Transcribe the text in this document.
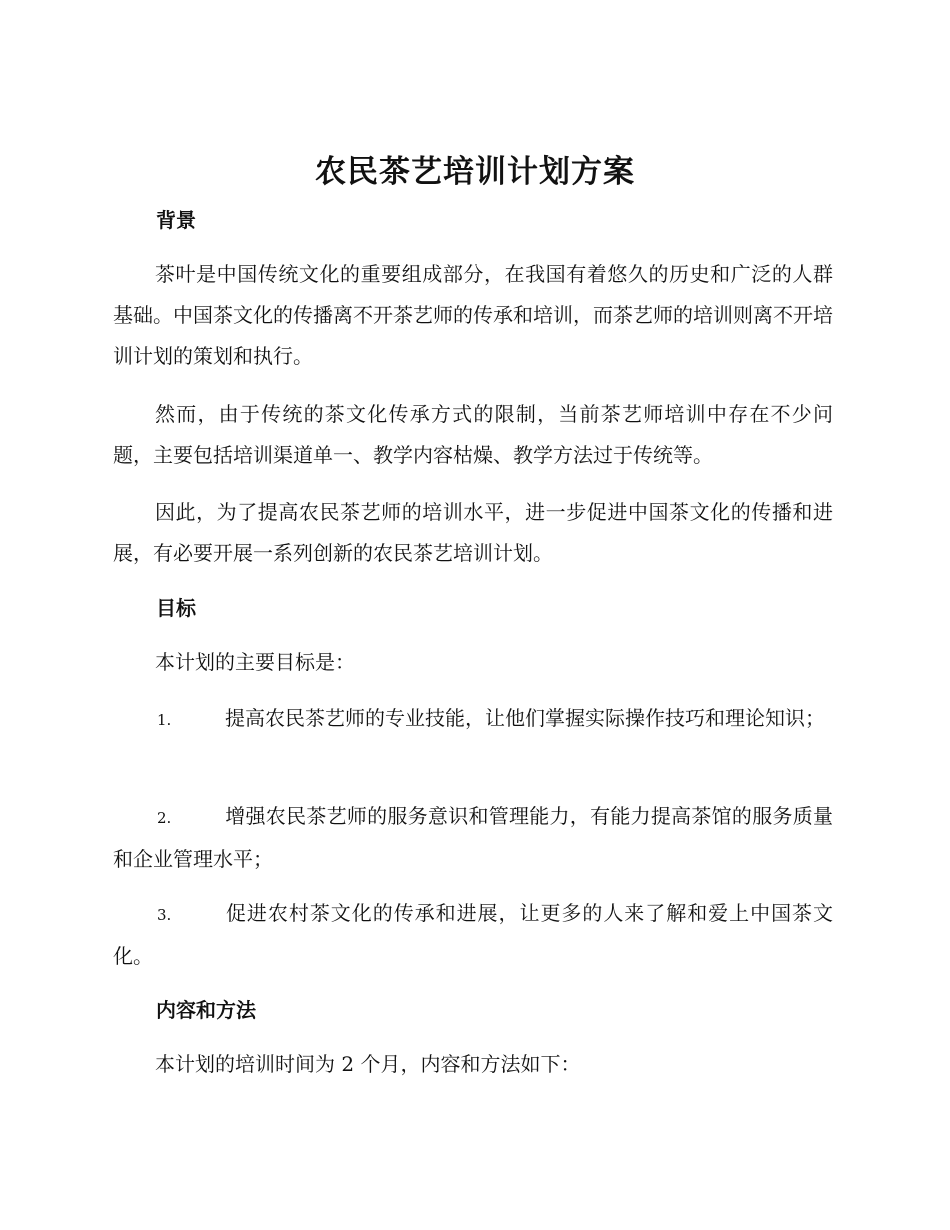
农民茶艺培训计划方案
背景

茶叶是中国传统文化的重要组成部分，在我国有着悠久的历史和广泛的人群基础。中国茶文化的传播离不开茶艺师的传承和培训，而茶艺师的培训则离不开培训计划的策划和执行。

然而，由于传统的茶文化传承方式的限制，当前茶艺师培训中存在不少问题，主要包括培训渠道单一、教学内容枯燥、教学方法过于传统等。

因此，为了提高农民茶艺师的培训水平，进一步促进中国茶文化的传播和进展，有必要开展一系列创新的农民茶艺培训计划。

目标

本计划的主要目标是：

1.	提高农民茶艺师的专业技能，让他们掌握实际操作技巧和理论知识；

2.	增强农民茶艺师的服务意识和管理能力，有能力提高茶馆的服务质量和企业管理水平；

3.	促进农村茶文化的传承和进展，让更多的人来了解和爱上中国茶文化。

内容和方法

本计划的培训时间为 2 个月，内容和方法如下：
